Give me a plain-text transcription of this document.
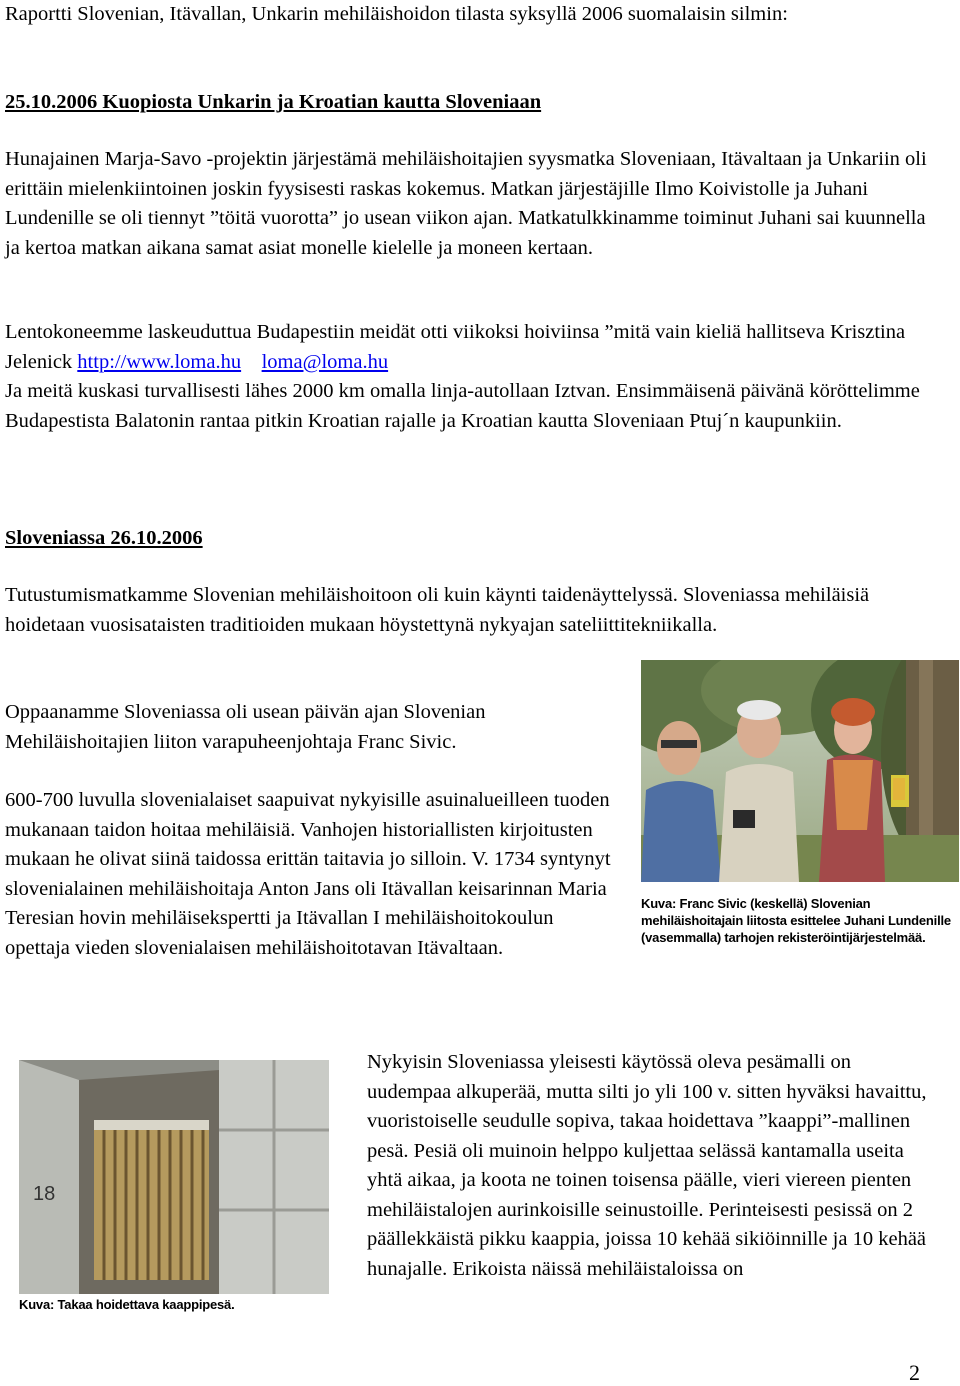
Raportti Slovenian, Itävallan, Unkarin mehiläishoidon tilasta syksyllä 2006 suomalaisin silmin:

25.10.2006 Kuopiosta Unkarin ja Kroatian kautta Sloveniaan

Hunajainen Marja-Savo -projektin järjestämä mehiläishoitajien syysmatka Sloveniaan, Itävaltaan ja Unkariin oli erittäin mielenkiintoinen joskin fyysisesti raskas kokemus. Matkan järjestäjille Ilmo Koivistolle ja Juhani Lundenille se oli tiennyt ”töitä vuorotta” jo usean viikon ajan. Matkatulkkinamme toiminut Juhani sai kuunnella ja kertoa matkan aikana samat asiat monelle kielelle ja moneen kertaan.

Lentokoneemme laskeuduttua Budapestiin meidät otti viikoksi hoiviinsa ”mitä vain kieliä hallitseva Krisztina Jelenick http://www.loma.hu loma@loma.hu
Ja meitä kuskasi turvallisesti lähes 2000 km omalla linja-autollaan Iztvan. Ensimmäisenä päivänä köröttelimme Budapestista Balatonin rantaa pitkin Kroatian rajalle ja Kroatian kautta Sloveniaan Ptuj´n kaupunkiin.

Sloveniassa 26.10.2006

Tutustumismatkamme Slovenian mehiläishoitoon oli kuin käynti taidenäyttelyssä. Sloveniassa mehiläisiä hoidetaan vuosisataisten traditioiden mukaan höystettynä nykyajan sateliittitekniikalla.

Oppaanamme Sloveniassa oli usean päivän ajan Slovenian Mehiläishoitajien liiton varapuheenjohtaja Franc Sivic.

600-700 luvulla slovenialaiset saapuivat nykyisille asuinalueilleen tuoden mukanaan taidon hoitaa mehiläisiä. Vanhojen historiallisten kirjoitusten mukaan he olivat siinä taidossa erittän taitavia jo silloin. V. 1734 syntynyt slovenialainen mehiläishoitaja Anton Jans oli Itävallan keisarinnan Maria Teresian hovin mehiläisekspertti ja Itävallan I mehiläishoitokoulun opettaja vieden slovenialaisen mehiläishoitotavan Itävaltaan.

Kuva: Franc Sivic (keskellä) Slovenian mehiläishoitajain liitosta esittelee Juhani Lundenille (vasemmalla) tarhojen rekisteröintijärjestelmää.
18
Kuva: Takaa hoidettava kaappipesä.

Nykyisin Sloveniassa yleisesti käytössä oleva pesämalli on uudempaa alkuperää, mutta silti jo yli 100 v. sitten hyväksi havaittu, vuoristoiselle seudulle sopiva, takaa hoidettava ”kaappi”-mallinen pesä. Pesiä oli muinoin helppo kuljettaa selässä kantamalla useita yhtä aikaa, ja koota ne toinen toisensa päälle, vieri viereen pienten mehiläistalojen aurinkoisille seinustoille. Perinteisesti pesissä on 2 päällekkäistä pikku kaappia, joissa 10 kehää sikiöinnille ja 10 kehää hunajalle. Erikoista näissä mehiläistaloissa on

2
